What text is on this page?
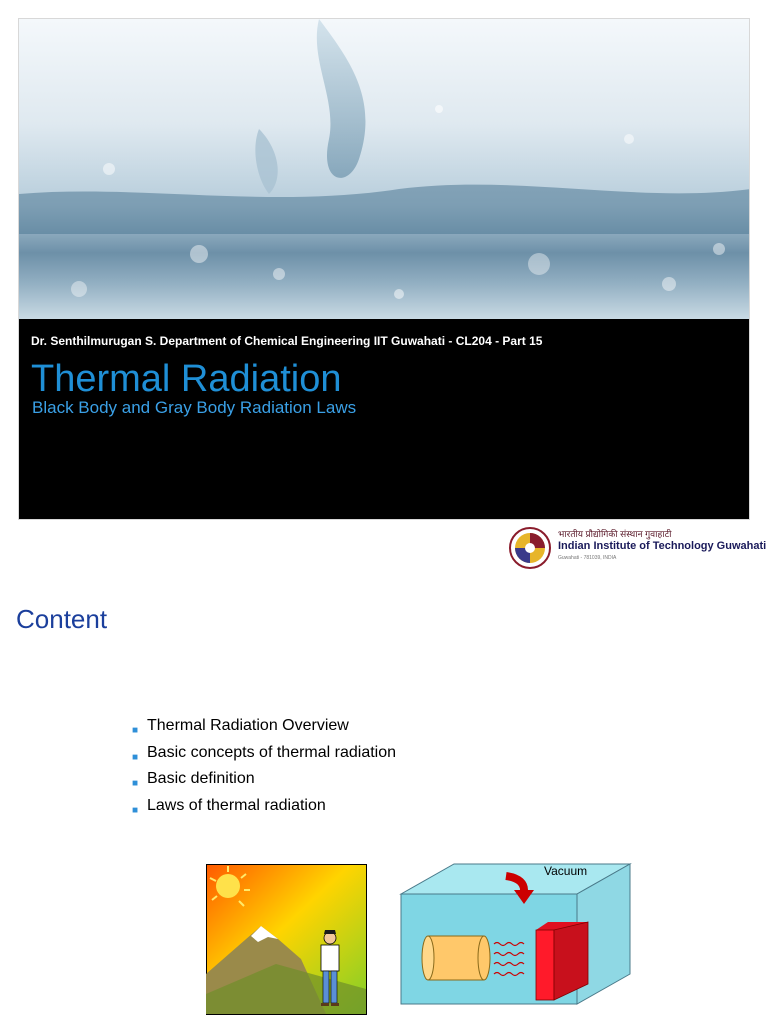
Dr. Senthilmurugan S. Department of Chemical Engineering IIT Guwahati - CL204 - Part 15
Thermal Radiation
Black Body and Gray Body Radiation Laws
भारतीय प्रौद्योगिकी संस्थान गुवाहाटी
Indian Institute of Technology Guwahati
Guwahati - 781039, INDIA
Content
■ Thermal Radiation Overview
■ Basic concepts of thermal radiation
■ Basic definition
■ Laws of thermal radiation
Vacuum
